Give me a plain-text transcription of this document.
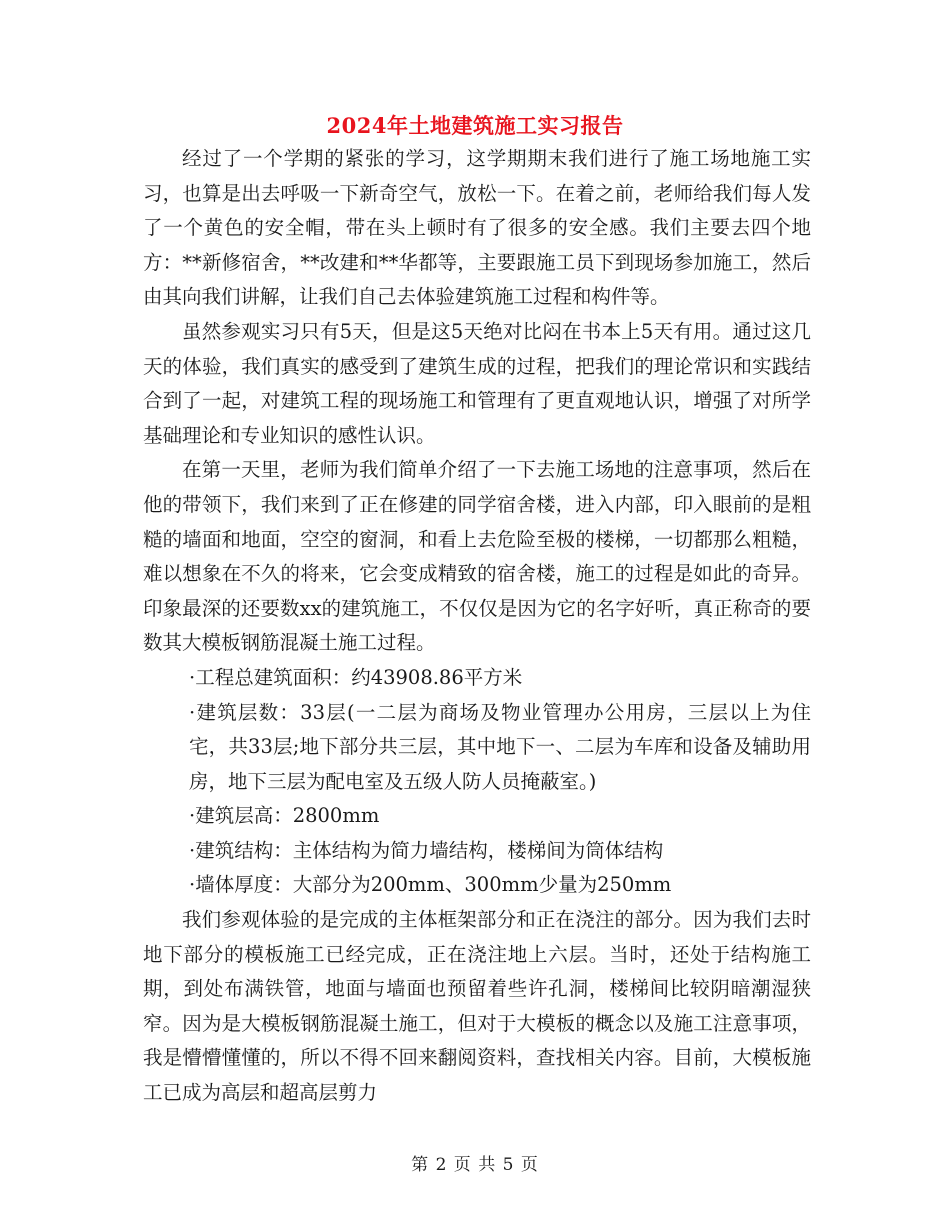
2024年土地建筑施工实习报告

经过了一个学期的紧张的学习，这学期期末我们进行了施工场地施工实习，也算是出去呼吸一下新奇空气，放松一下。在着之前，老师给我们每人发了一个黄色的安全帽，带在头上顿时有了很多的安全感。我们主要去四个地方：**新修宿舍，**改建和**华都等，主要跟施工员下到现场参加施工，然后由其向我们讲解，让我们自己去体验建筑施工过程和构件等。

虽然参观实习只有5天，但是这5天绝对比闷在书本上5天有用。通过这几天的体验，我们真实的感受到了建筑生成的过程，把我们的理论常识和实践结合到了一起，对建筑工程的现场施工和管理有了更直观地认识，增强了对所学基础理论和专业知识的感性认识。

在第一天里，老师为我们简单介绍了一下去施工场地的注意事项，然后在他的带领下，我们来到了正在修建的同学宿舍楼，进入内部，印入眼前的是粗糙的墙面和地面，空空的窗洞，和看上去危险至极的楼梯，一切都那么粗糙，难以想象在不久的将来，它会变成精致的宿舍楼，施工的过程是如此的奇异。 印象最深的还要数xx的建筑施工，不仅仅是因为它的名字好听，真正称奇的要数其大模板钢筋混凝土施工过程。

·工程总建筑面积：约43908.86平方米

·建筑层数：33层(一二层为商场及物业管理办公用房，三层以上为住宅，共33层;地下部分共三层，其中地下一、二层为车库和设备及辅助用房，地下三层为配电室及五级人防人员掩蔽室。)

·建筑层高：2800mm

·建筑结构：主体结构为简力墙结构，楼梯间为筒体结构

·墙体厚度：大部分为200mm、300mm少量为250mm

我们参观体验的是完成的主体框架部分和正在浇注的部分。因为我们去时地下部分的模板施工已经完成，正在浇注地上六层。当时，还处于结构施工期，到处布满铁管，地面与墙面也预留着些许孔洞，楼梯间比较阴暗潮湿狭窄。因为是大模板钢筋混凝土施工，但对于大模板的概念以及施工注意事项，我是懵懵懂懂的，所以不得不回来翻阅资料，查找相关内容。目前，大模板施工已成为高层和超高层剪力

第 2 页 共 5 页
